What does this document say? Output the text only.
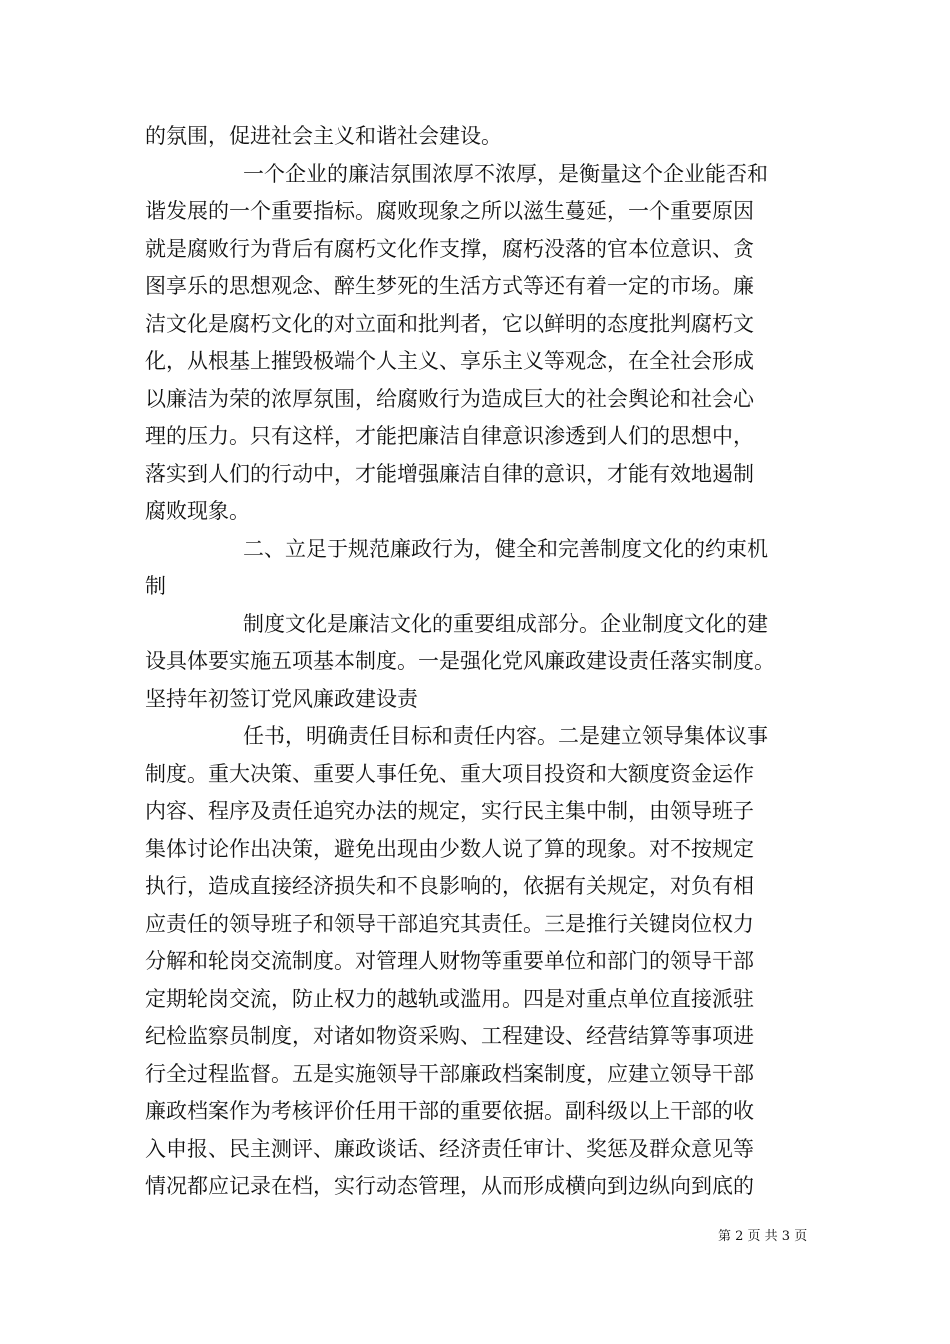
的氛围，促进社会主义和谐社会建设。

一个企业的廉洁氛围浓厚不浓厚，是衡量这个企业能否和

谐发展的一个重要指标。腐败现象之所以滋生蔓延，一个重要原因

就是腐败行为背后有腐朽文化作支撑，腐朽没落的官本位意识、贪

图享乐的思想观念、醉生梦死的生活方式等还有着一定的市场。廉

洁文化是腐朽文化的对立面和批判者，它以鲜明的态度批判腐朽文

化，从根基上摧毁极端个人主义、享乐主义等观念，在全社会形成

以廉洁为荣的浓厚氛围，给腐败行为造成巨大的社会舆论和社会心

理的压力。只有这样，才能把廉洁自律意识渗透到人们的思想中，

落实到人们的行动中，才能增强廉洁自律的意识，才能有效地遏制

腐败现象。

二、立足于规范廉政行为，健全和完善制度文化的约束机

制

制度文化是廉洁文化的重要组成部分。企业制度文化的建

设具体要实施五项基本制度。一是强化党风廉政建设责任落实制度。

坚持年初签订党风廉政建设责

任书，明确责任目标和责任内容。二是建立领导集体议事

制度。重大决策、重要人事任免、重大项目投资和大额度资金运作

内容、程序及责任追究办法的规定，实行民主集中制，由领导班子

集体讨论作出决策，避免出现由少数人说了算的现象。对不按规定

执行，造成直接经济损失和不良影响的，依据有关规定，对负有相

应责任的领导班子和领导干部追究其责任。三是推行关键岗位权力

分解和轮岗交流制度。对管理人财物等重要单位和部门的领导干部

定期轮岗交流，防止权力的越轨或滥用。四是对重点单位直接派驻

纪检监察员制度，对诸如物资采购、工程建设、经营结算等事项进

行全过程监督。五是实施领导干部廉政档案制度，应建立领导干部

廉政档案作为考核评价任用干部的重要依据。副科级以上干部的收

入申报、民主测评、廉政谈话、经济责任审计、奖惩及群众意见等

情况都应记录在档，实行动态管理，从而形成横向到边纵向到底的

第 2 页 共 3 页
